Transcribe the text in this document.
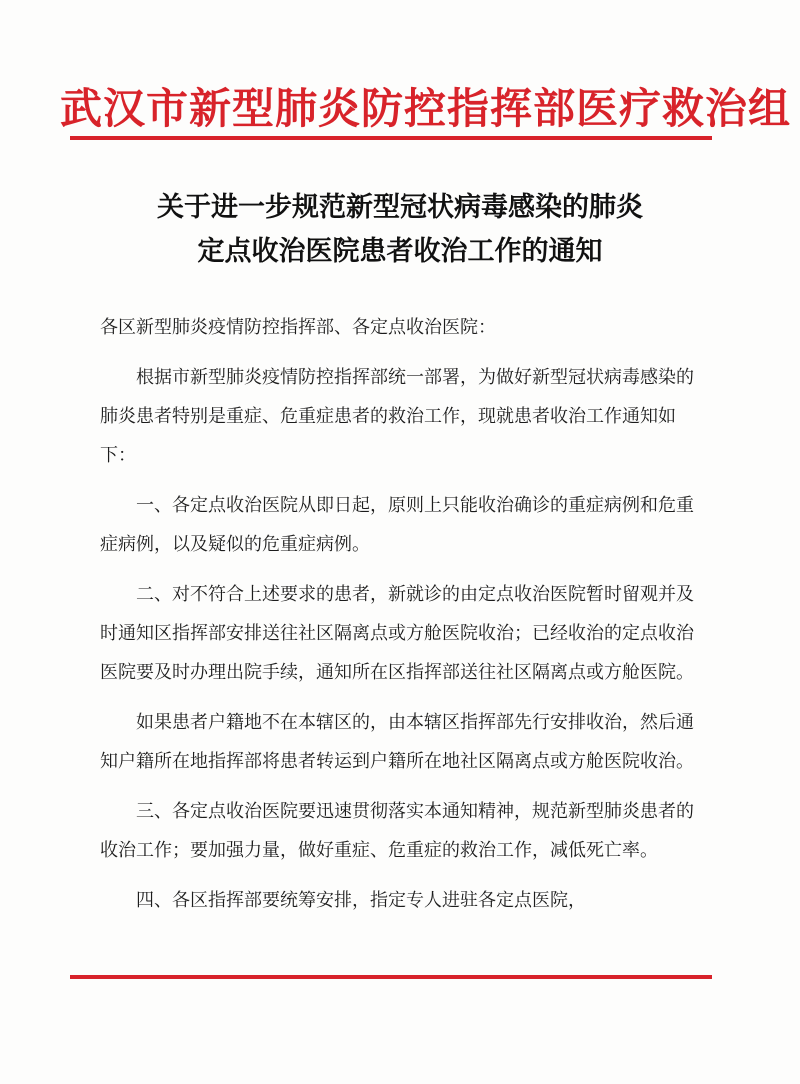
武汉市新型肺炎防控指挥部医疗救治组
关于进一步规范新型冠状病毒感染的肺炎
定点收治医院患者收治工作的通知

各区新型肺炎疫情防控指挥部、各定点收治医院：

根据市新型肺炎疫情防控指挥部统一部署，为做好新型冠状病毒感染的肺炎患者特别是重症、危重症患者的救治工作，现就患者收治工作通知如下：

一、各定点收治医院从即日起，原则上只能收治确诊的重症病例和危重症病例，以及疑似的危重症病例。

二、对不符合上述要求的患者，新就诊的由定点收治医院暂时留观并及时通知区指挥部安排送往社区隔离点或方舱医院收治；已经收治的定点收治医院要及时办理出院手续，通知所在区指挥部送往社区隔离点或方舱医院。

如果患者户籍地不在本辖区的，由本辖区指挥部先行安排收治，然后通知户籍所在地指挥部将患者转运到户籍所在地社区隔离点或方舱医院收治。

三、各定点收治医院要迅速贯彻落实本通知精神，规范新型肺炎患者的收治工作；要加强力量，做好重症、危重症的救治工作，减低死亡率。

四、各区指挥部要统筹安排，指定专人进驻各定点医院，
